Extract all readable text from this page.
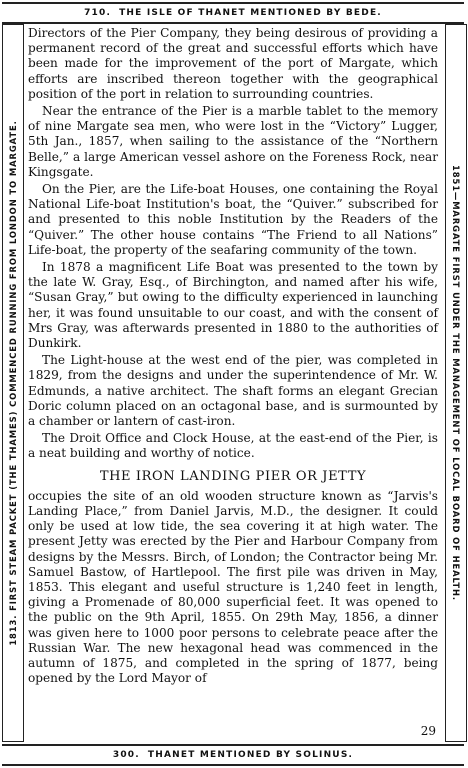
710. THE ISLE OF THANET MENTIONED BY BEDE.
1813. FIRST STEAM PACKET (THE THAMES) COMMENCED RUNNING FROM LONDON TO MARGATE.	1851—MARGATE FIRST UNDER THE MANAGEMENT OF LOCAL BOARD OF HEALTH.

Directors of the Pier Company, they being desirous of providing a permanent record of the great and successful efforts which have been made for the improvement of the port of Margate, which efforts are inscribed thereon together with the geographical position of the port in relation to surrounding countries.

Near the entrance of the Pier is a marble tablet to the memory of nine Margate sea men, who were lost in the “Victory” Lugger, 5th Jan., 1857, when sailing to the assistance of the “Northern Belle,” a large American vessel ashore on the Foreness Rock, near Kingsgate.

On the Pier, are the Life-boat Houses, one containing the Royal National Life-boat Institution's boat, the “Quiver.” subscribed for and presented to this noble Institution by the Readers of the “Quiver.” The other house contains “The Friend to all Nations” Life-boat, the property of the seafaring community of the town.

In 1878 a magnificent Life Boat was presented to the town by the late W. Gray, Esq., of Birchington, and named after his wife, “Susan Gray,” but owing to the difficulty experienced in launching her, it was found unsuitable to our coast, and with the consent of Mrs Gray, was afterwards presented in 1880 to the authorities of Dunkirk.

The Light-house at the west end of the pier, was completed in 1829, from the designs and under the superintendence of Mr. W. Edmunds, a native architect. The shaft forms an elegant Grecian Doric column placed on an octagonal base, and is surmounted by a chamber or lantern of cast-iron.

The Droit Office and Clock House, at the east-end of the Pier, is a neat building and worthy of notice.

THE IRON LANDING PIER OR JETTY

occupies the site of an old wooden structure known as “Jarvis's Landing Place,” from Daniel Jarvis, M.D., the designer. It could only be used at low tide, the sea covering it at high water. The present Jetty was erected by the Pier and Harbour Company from designs by the Messrs. Birch, of London; the Contractor being Mr. Samuel Bastow, of Hartlepool. The first pile was driven in May, 1853. This elegant and useful structure is 1,240 feet in length, giving a Promenade of 80,000 superficial feet. It was opened to the public on the 9th April, 1855. On 29th May, 1856, a dinner was given here to 1000 poor persons to celebrate peace after the Russian War. The new hexagonal head was commenced in the autumn of 1875, and completed in the spring of 1877, being opened by the Lord Mayor of

29
300. THANET MENTIONED BY SOLINUS.
